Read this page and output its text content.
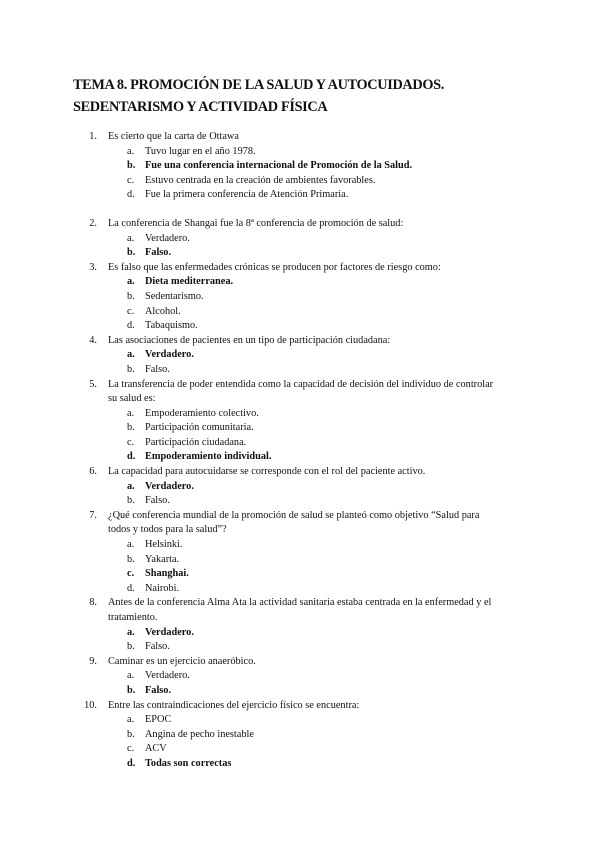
TEMA 8. PROMOCIÓN DE LA SALUD Y AUTOCUIDADOS.
SEDENTARISMO Y ACTIVIDAD FÍSICA
1. Es cierto que la carta de Ottawa
a. Tuvo lugar en el año 1978.
b. Fue una conferencia internacional de Promoción de la Salud.
c. Estuvo centrada en la creación de ambientes favorables.
d. Fue la primera conferencia de Atención Primaria.
2. La conferencia de Shangai fue la 8ª conferencia de promoción de salud:
a. Verdadero.
b. Falso.
3. Es falso que las enfermedades crónicas se producen por factores de riesgo como:
a. Dieta mediterranea.
b. Sedentarismo.
c. Alcohol.
d. Tabaquismo.
4. Las asociaciones de pacientes en un tipo de participación ciudadana:
a. Verdadero.
b. Falso.
5. La transferencia de poder entendida como la capacidad de decisión del individuo de controlar
su salud es:
a. Empoderamiento colectivo.
b. Participación comunitaria.
c. Participación ciudadana.
d. Empoderamiento individual.
6. La capacidad para autocuidarse se corresponde con el rol del paciente activo.
a. Verdadero.
b. Falso.
7. ¿Qué conferencia mundial de la promoción de salud se planteó como objetivo “Salud para
todos y todos para la salud”?
a. Helsinki.
b. Yakarta.
c. Shanghai.
d. Nairobi.
8. Antes de la conferencia Alma Ata la actividad sanitaria estaba centrada en la enfermedad y el
tratamiento.
a. Verdadero.
b. Falso.
9. Caminar es un ejercicio anaeróbico.
a. Verdadero.
b. Falso.
10. Entre las contraindicaciones del ejercicio físico se encuentra:
a. EPOC
b. Angina de pecho inestable
c. ACV
d. Todas son correctas
